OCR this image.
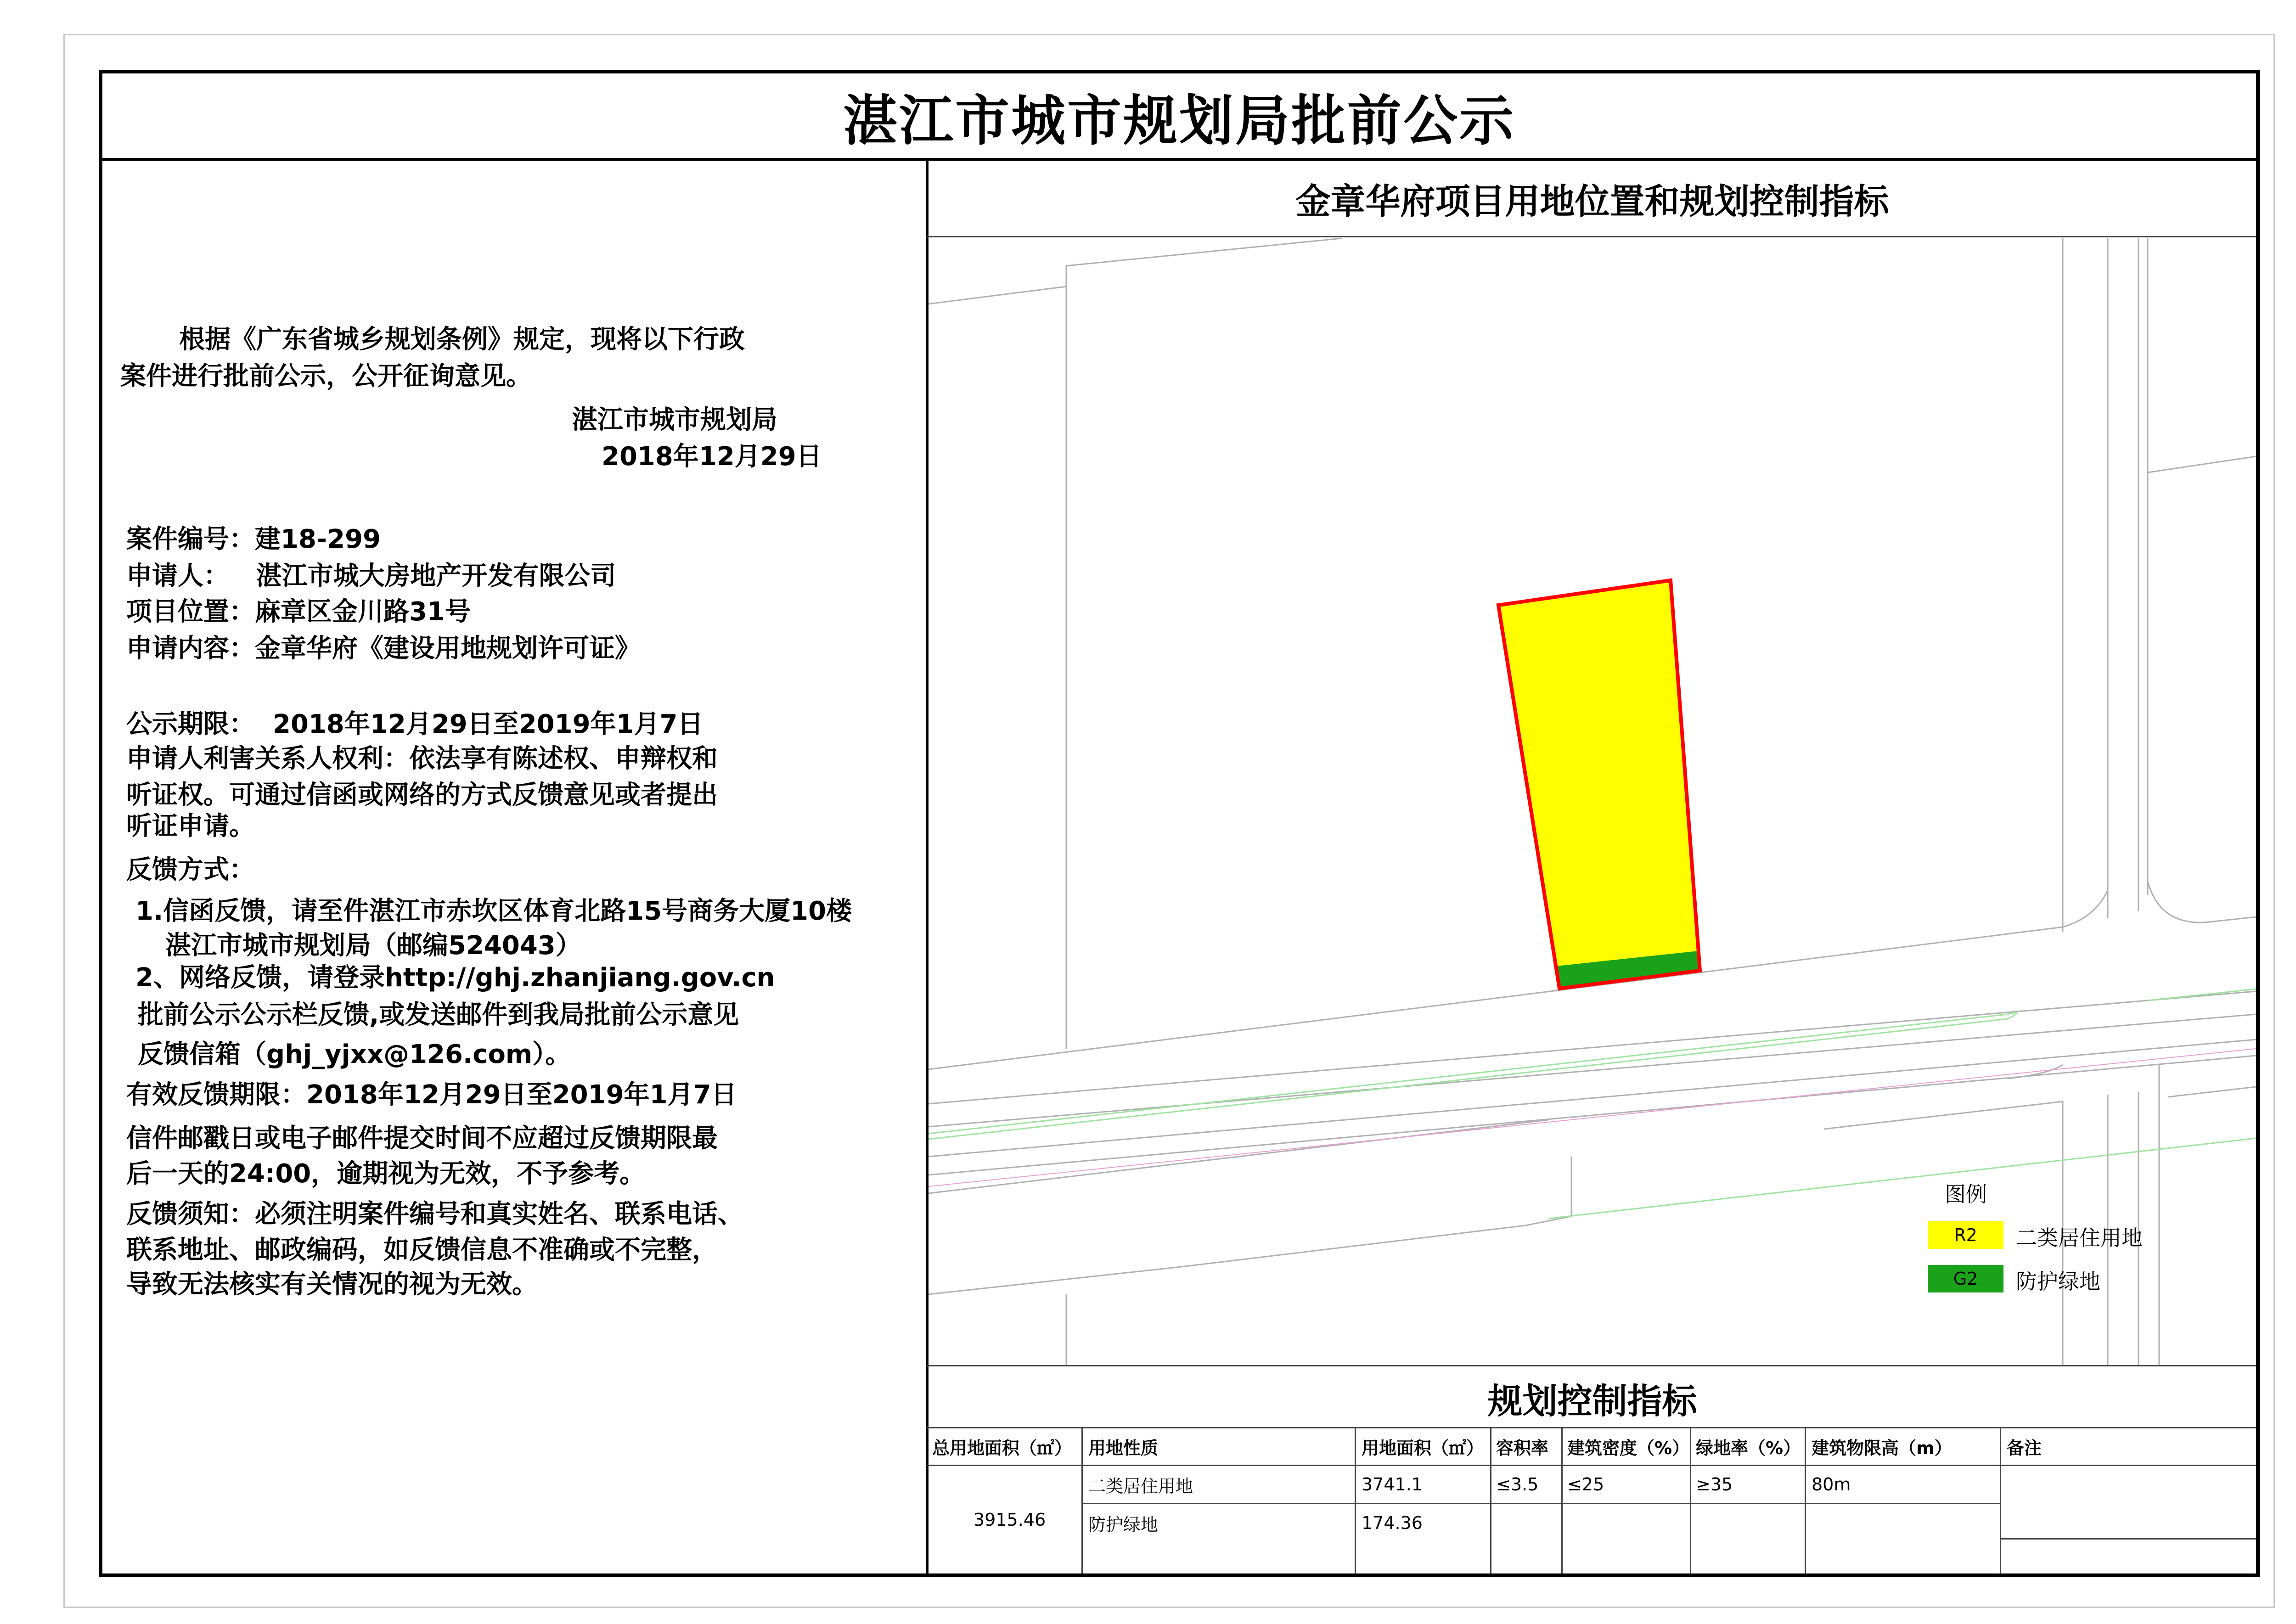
湛江市城市规划局批前公示
金章华府项目用地位置和规划控制指标
根据《广东省城乡规划条例》规定，现将以下行政
案件进行批前公示，公开征询意见。
湛江市城市规划局
2018年12月29日
案件编号：建18-299
申请人：   湛江市城大房地产开发有限公司
项目位置：麻章区金川路31号
申请内容：金章华府《建设用地规划许可证》
公示期限：  2018年12月29日至2019年1月7日
申请人利害关系人权利：依法享有陈述权、申辩权和
听证权。可通过信函或网络的方式反馈意见或者提出
听证申请。
反馈方式：
1.信函反馈，请至件湛江市赤坎区体育北路15号商务大厦10楼
湛江市城市规划局（邮编524043）
2、网络反馈，请登录http://ghj.zhanjiang.gov.cn
批前公示公示栏反馈,或发送邮件到我局批前公示意见
反馈信箱（ghj_yjxx@126.com）。
有效反馈期限：2018年12月29日至2019年1月7日
信件邮戳日或电子邮件提交时间不应超过反馈期限最
后一天的24:00，逾期视为无效，不予参考。
反馈须知：必须注明案件编号和真实姓名、联系电话、
联系地址、邮政编码，如反馈信息不准确或不完整，
导致无法核实有关情况的视为无效。
图例
R2	二类居住用地
G2	防护绿地
规划控制指标
总用地面积（㎡） 用地性质	用地面积（㎡） 容积率 建筑密度（%） 绿地率（%） 建筑物限高（m）	备注
3915.46
二类居住用地	3741.1	≤3.5 ≤25	≥35	80m
防护绿地	174.36
